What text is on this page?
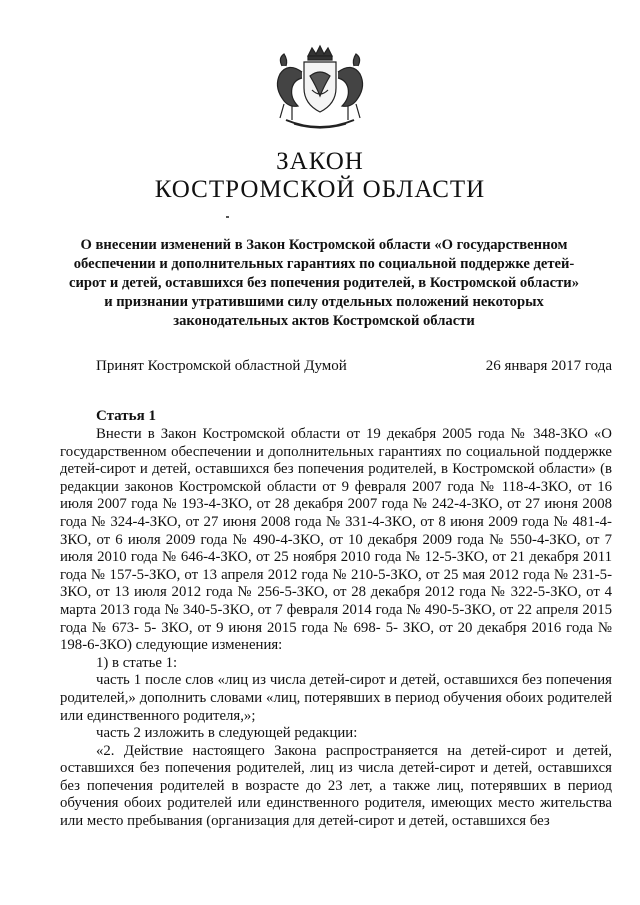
ЗАКОН
КОСТРОМСКОЙ ОБЛАСТИ
О внесении изменений в Закон Костромской области «О государственном обеспечении и дополнительных гарантиях по социальной поддержке детей-сирот и детей, оставшихся без попечения родителей, в Костромской области» и признании утратившими силу отдельных положений некоторых законодательных актов Костромской области
Принят Костромской областной Думой	26 января 2017 года
Статья 1

Внести в Закон Костромской области от 19 декабря 2005 года № 348-ЗКО «О государственном обеспечении и дополнительных гарантиях по социальной поддержке детей-сирот и детей, оставшихся без попечения родителей, в Костромской области» (в редакции законов Костромской области от 9 февраля 2007 года № 118-4-ЗКО, от 16 июля 2007 года № 193-4-ЗКО, от 28 декабря 2007 года № 242-4-ЗКО, от 27 июня 2008 года № 324-4-ЗКО, от 27 июня 2008 года № 331-4-ЗКО, от 8 июня 2009 года № 481-4-ЗКО, от 6 июля 2009 года № 490-4-ЗКО, от 10 декабря 2009 года № 550-4-ЗКО, от 7 июля 2010 года № 646-4-ЗКО, от 25 ноября 2010 года № 12-5-ЗКО, от 21 декабря 2011 года № 157-5-ЗКО, от 13 апреля 2012 года № 210-5-ЗКО, от 25 мая 2012 года № 231-5-ЗКО, от 13 июля 2012 года № 256-5-ЗКО, от 28 декабря 2012 года № 322-5-ЗКО, от 4 марта 2013 года № 340-5-ЗКО, от 7 февраля 2014 года № 490-5-ЗКО, от 22 апреля 2015 года № 673- 5- ЗКО, от 9 июня 2015 года № 698- 5- ЗКО, от 20 декабря 2016 года № 198-6-ЗКО) следующие изменения:

1) в статье 1:

часть 1 после слов «лиц из числа детей-сирот и детей, оставшихся без попечения родителей,» дополнить словами «лиц, потерявших в период обучения обоих родителей или единственного родителя,»;

часть 2 изложить в следующей редакции:

«2. Действие настоящего Закона распространяется на детей-сирот и детей, оставшихся без попечения родителей, лиц из числа детей-сирот и детей, оставшихся без попечения родителей в возрасте до 23 лет, а также лиц, потерявших в период обучения обоих родителей или единственного родителя, имеющих место жительства или место пребывания (организация для детей-сирот и детей, оставшихся без
